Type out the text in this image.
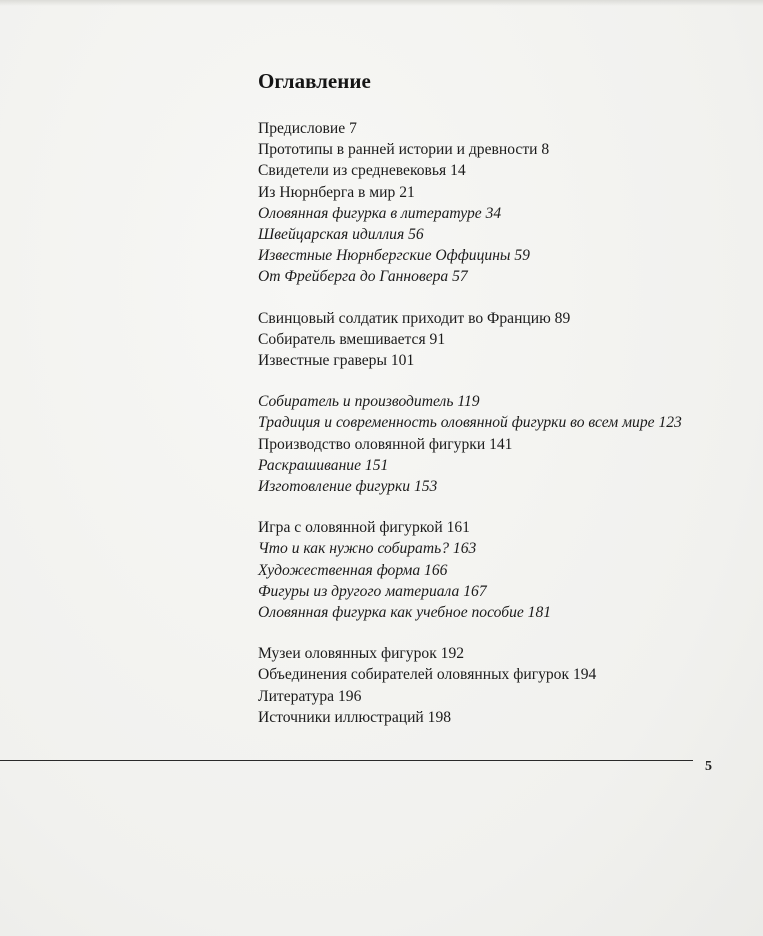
Оглавление
Предисловие 7
Прототипы в ранней истории и древности 8
Свидетели из средневековья 14
Из Нюрнберга в мир 21
Оловянная фигурка в литературе 34
Швейцарская идиллия 56
Известные Нюрнбергские Оффицины 59
От Фрейберга до Ганновера 57
Свинцовый солдатик приходит во Францию 89
Собиратель вмешивается 91
Известные граверы 101
Собиратель и производитель 119
Традиция и современность оловянной фигурки во всем мире 123
Производство оловянной фигурки 141
Раскрашивание 151
Изготовление фигурки 153
Игра с оловянной фигуркой 161
Что и как нужно собирать? 163
Художественная форма 166
Фигуры из другого материала 167
Оловянная фигурка как учебное пособие 181
Музеи оловянных фигурок 192
Объединения собирателей оловянных фигурок 194
Литература 196
Источники иллюстраций 198
5
